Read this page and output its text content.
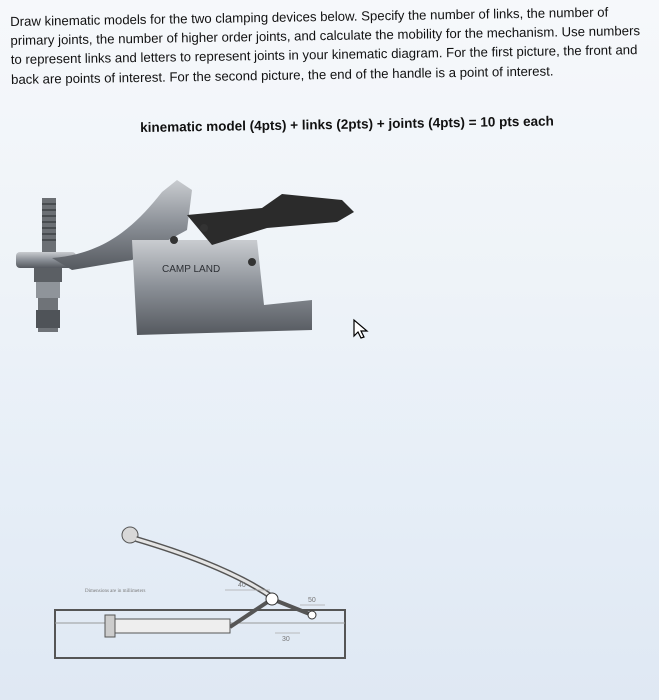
Draw kinematic models for the two clamping devices below. Specify the number of links, the number of primary joints, the number of higher order joints, and calculate the mobility for the mechanism. Use numbers to represent links and letters to represent joints in your kinematic diagram. For the first picture, the front and back are points of interest. For the second picture, the end of the handle is a point of interest.
kinematic model (4pts) + links (2pts) + joints (4pts) = 10 pts each
CAMP LAND
40
50
30
Dimensions are in millimeters
